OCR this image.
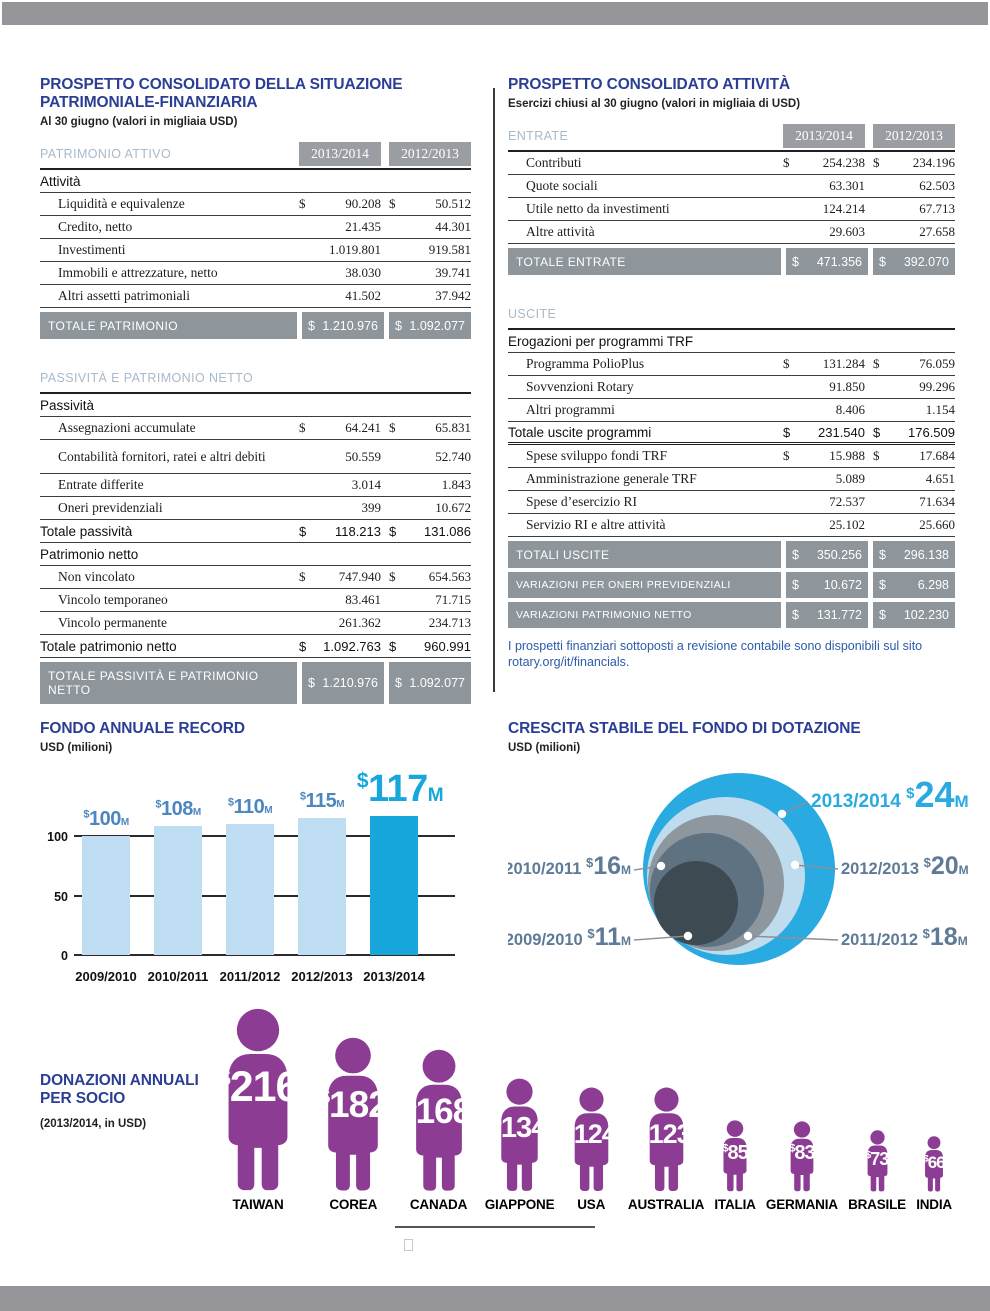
PROSPETTO CONSOLIDATO DELLA SITUAZIONE
PATRIMONIALE-FINANZIARIA
Al 30 giugno (valori in migliaia USD)
PATRIMONIO ATTIVO	2013/2014	2012/2013
Attività
Liquidità e equivalenze	$	90.208 $	50.512
Credito, netto	21.435	44.301
Investimenti	1.019.801	919.581
Immobili e attrezzature, netto	38.030	39.741
Altri assetti patrimoniali	41.502	37.942
TOTALE PATRIMONIO	$ 1.210.976 $ 1.092.077
PASSIVITÀ E PATRIMONIO NETTO
Passività
Assegnazioni accumulate	$	64.241 $	65.831
Contabilità fornitori, ratei e altri debiti	50.559	52.740
Entrate differite	3.014	1.843
Oneri previdenziali	399	10.672
Totale passività	$ 118.213 $ 131.086
Patrimonio netto
Non vincolato	$	747.940 $	654.563
Vincolo temporaneo	83.461	71.715
Vincolo permanente	261.362	234.713
Totale patrimonio netto	$ 1.092.763 $ 960.991
TOTALE PASSIVITÀ E PATRIMONIO NETTO	$ 1.210.976 $ 1.092.077
PROSPETTO CONSOLIDATO ATTIVITÀ
Esercizi chiusi al 30 giugno (valori in migliaia di USD)
ENTRATE	2013/2014	2012/2013
Contributi	$	254.238 $	234.196
Quote sociali	63.301	62.503
Utile netto da investimenti	124.214	67.713
Altre attività	29.603	27.658
TOTALE ENTRATE	$ 471.356 $ 392.070
USCITE
Erogazioni per programmi TRF
Programma PolioPlus	$	131.284 $	76.059
Sovvenzioni Rotary	91.850	99.296
Altri programmi	8.406	1.154
Totale uscite programmi	$ 231.540 $ 176.509
Spese sviluppo fondi TRF	$	15.988 $	17.684
Amministrazione generale TRF	5.089	4.651
Spese d’esercizio RI	72.537	71.634
Servizio RI e altre attività	25.102	25.660
TOTALI USCITE	$ 350.256 $ 296.138
VARIAZIONI PER ONERI PREVIDENZIALI	$ 10.672 $	6.298
VARIAZIONI PATRIMONIO NETTO	$ 131.772 $ 102.230
I prospetti finanziari sottoposti a revisione contabile sono disponibili sul sito rotary.org/it/financials.
FONDO ANNUALE RECORD
USD (milioni)
0
50
100
$100M
2009/2010
$108M
2010/2011
$110M
2011/2012
$115M
2012/2013
$117M
2013/2014
CRESCITA STABILE DEL FONDO DI DOTAZIONE
USD (milioni)
2013/2014 $24M
2012/2013 $20M
2011/2012 $18M
2010/2011 $16M
2009/2010 $11M
DONAZIONI ANNUALI
PER SOCIO
(2013/2014, in USD)
$216
TAIWAN
$182
COREA
$168
CANADA
$134
GIAPPONE
$124
USA
$123
AUSTRALIA
$85
ITALIA
$83
GERMANIA
$73
BRASILE
$66
INDIA
